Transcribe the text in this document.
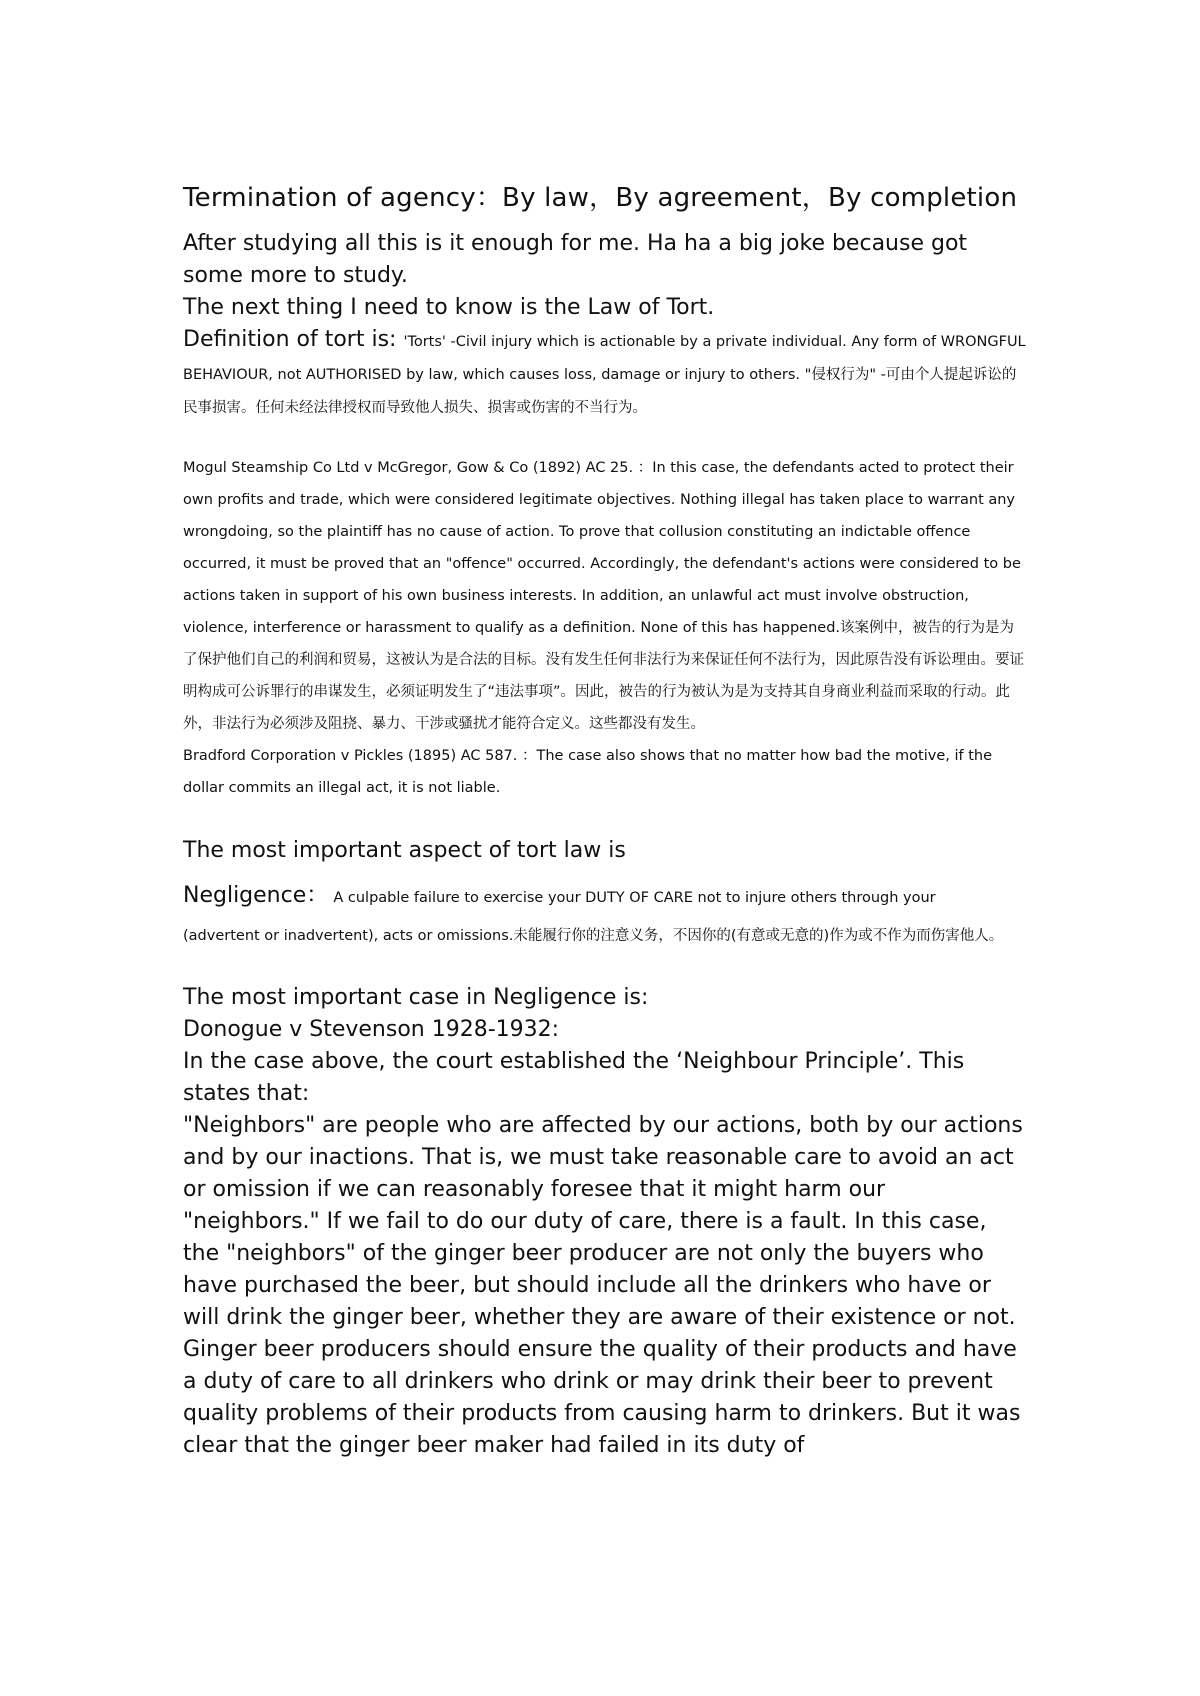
Termination of agency：By law，By agreement，By completion

After studying all this is it enough for me. Ha ha a big joke because got some more to study.

The next thing I need to know is the Law of Tort.

Definition of tort is: 'Torts' -Civil injury which is actionable by a private individual. Any form of WRONGFUL BEHAVIOUR, not AUTHORISED by law, which causes loss, damage or injury to others. "侵权行为" -可由个人提起诉讼的民事损害。任何未经法律授权而导致他人损失、损害或伤害的不当行为。

Mogul Steamship Co Ltd v McGregor, Gow & Co (1892) AC 25. ：In this case, the defendants acted to protect their own profits and trade, which were considered legitimate objectives. Nothing illegal has taken place to warrant any wrongdoing, so the plaintiff has no cause of action. To prove that collusion constituting an indictable offence occurred, it must be proved that an "offence" occurred. Accordingly, the defendant's actions were considered to be actions taken in support of his own business interests. In addition, an unlawful act must involve obstruction, violence, interference or harassment to qualify as a definition. None of this has happened.该案例中，被告的行为是为了保护他们自己的利润和贸易，这被认为是合法的目标。没有发生任何非法行为来保证任何不法行为，因此原告没有诉讼理由。要证明构成可公诉罪行的串谋发生，必须证明发生了“违法事项”。因此，被告的行为被认为是为支持其自身商业利益而采取的行动。此外，非法行为必须涉及阻挠、暴力、干涉或骚扰才能符合定义。这些都没有发生。

Bradford Corporation v Pickles (1895) AC 587. ：The case also shows that no matter how bad the motive, if the dollar commits an illegal act, it is not liable.

The most important aspect of tort law is

Negligence： A culpable failure to exercise your DUTY OF CARE not to injure others through your

(advertent or inadvertent), acts or omissions.未能履行你的注意义务，不因你的(有意或无意的)作为或不作为而伤害他人。

The most important case in Negligence is:

Donogue v Stevenson 1928-1932:

In the case above, the court established the ‘Neighbour Principle’. This states that:

"Neighbors" are people who are affected by our actions, both by our actions and by our inactions. That is, we must take reasonable care to avoid an act or omission if we can reasonably foresee that it might harm our "neighbors." If we fail to do our duty of care, there is a fault. In this case, the "neighbors" of the ginger beer producer are not only the buyers who have purchased the beer, but should include all the drinkers who have or will drink the ginger beer, whether they are aware of their existence or not. Ginger beer producers should ensure the quality of their products and have a duty of care to all drinkers who drink or may drink their beer to prevent quality problems of their products from causing harm to drinkers. But it was clear that the ginger beer maker had failed in its duty of
